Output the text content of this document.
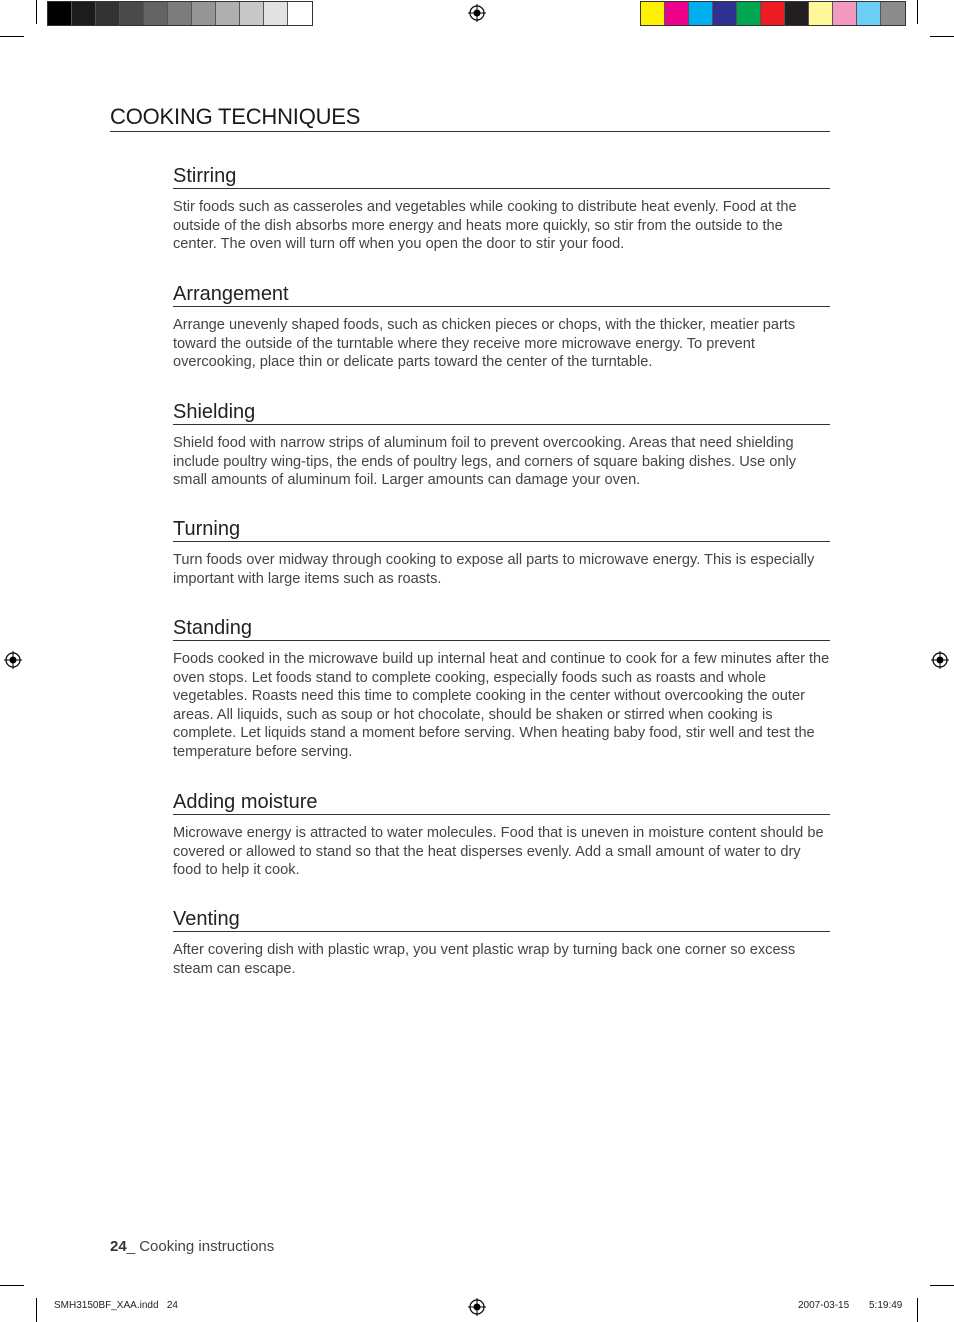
COOKING TECHNIQUES
Stirring

Stir foods such as casseroles and vegetables while cooking to distribute heat evenly. Food at the outside of the dish absorbs more energy and heats more quickly, so stir from the outside to the center. The oven will turn off when you open the door to stir your food.

Arrangement

Arrange unevenly shaped foods, such as chicken pieces or chops, with the thicker, meatier parts toward the outside of the turntable where they receive more microwave energy. To prevent overcooking, place thin or delicate parts toward the center of the turntable.

Shielding

Shield food with narrow strips of aluminum foil to prevent overcooking. Areas that need shielding include poultry wing-tips, the ends of poultry legs, and corners of square baking dishes. Use only small amounts of aluminum foil. Larger amounts can damage your oven.

Turning

Turn foods over midway through cooking to expose all parts to microwave energy. This is especially important with large items such as roasts.

Standing

Foods cooked in the microwave build up internal heat and continue to cook for a few minutes after the oven stops. Let foods stand to complete cooking, especially foods such as roasts and whole vegetables. Roasts need this time to complete cooking in the center without overcooking the outer areas. All liquids, such as soup or hot chocolate, should be shaken or stirred when cooking is complete. Let liquids stand a moment before serving. When heating baby food, stir well and test the temperature before serving.

Adding moisture

Microwave energy is attracted to water molecules. Food that is uneven in moisture content should be covered or allowed to stand so that the heat disperses evenly. Add a small amount of water to dry food to help it cook.

Venting

After covering dish with plastic wrap, you vent plastic wrap by turning back one corner so excess steam can escape.

24_ Cooking instructions
SMH3150BF_XAA.indd   24	2007-03-15 5:19:49
